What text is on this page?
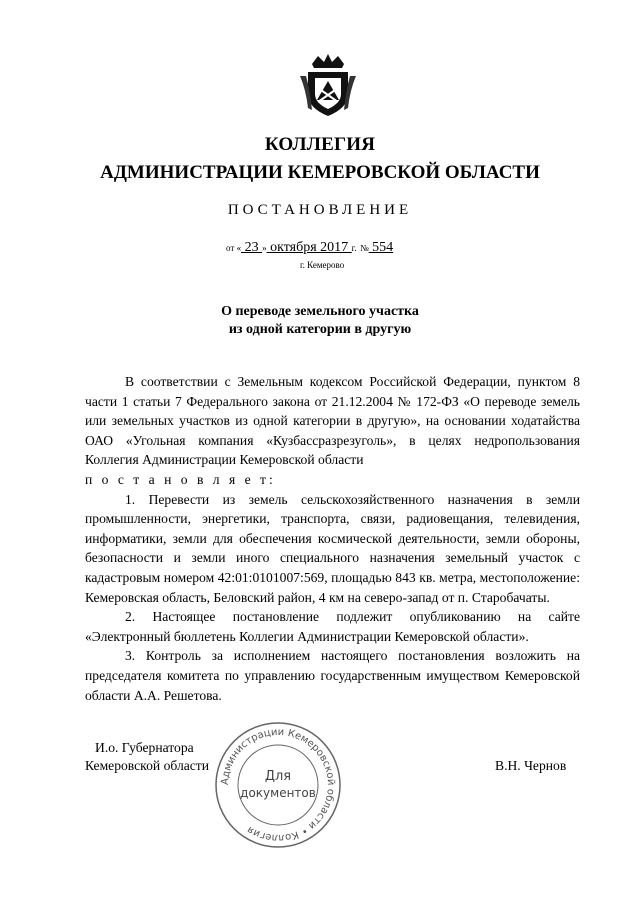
КОЛЛЕГИЯ
АДМИНИСТРАЦИИ КЕМЕРОВСКОЙ ОБЛАСТИ
ПОСТАНОВЛЕНИЕ
от « 23 » октября 2017 г. № 554
г. Кемерово
О переводе земельного участка
из одной категории в другую

В соответствии с Земельным кодексом Российской Федерации, пунктом 8 части 1 статьи 7 Федерального закона от 21.12.2004 № 172-ФЗ «О переводе земель или земельных участков из одной категории в другую», на основании ходатайства ОАО «Угольная компания «Кузбассразрезуголь», в целях недропользования Коллегия Администрации Кемеровской области

п о с т а н о в л я е т:

1. Перевести из земель сельскохозяйственного назначения в земли промышленности, энергетики, транспорта, связи, радиовещания, телевидения, информатики, земли для обеспечения космической деятельности, земли обороны, безопасности и земли иного специального назначения земельный участок с кадастровым номером 42:01:0101007:569, площадью 843 кв. метра, местоположение: Кемеровская область, Беловский район, 4 км на северо-запад от п. Старобачаты.

2. Настоящее постановление подлежит опубликованию на сайте «Электронный бюллетень Коллегии Администрации Кемеровской области».

3. Контроль за исполнением настоящего постановления возложить на председателя комитета по управлению государственным имуществом Кемеровской области А.А. Решетова.

И.о. Губернатора
Кемеровской области	В.Н. Чернов
Администрации Кемеровской области • Коллегия
Для
документов
